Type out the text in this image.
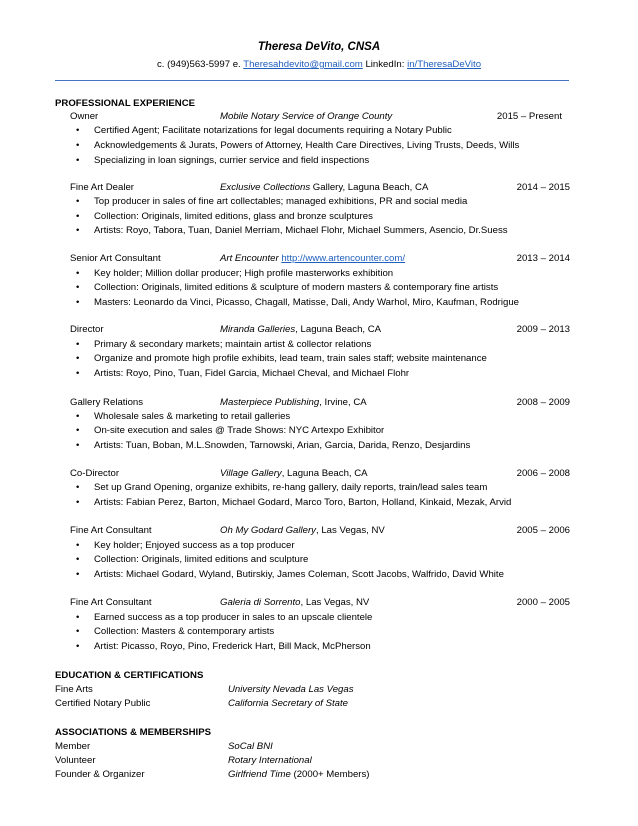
Theresa DeVito, CNSA
c. (949)563-5997 e. Theresahdevito@gmail.com LinkedIn: in/TheresaDeVito
PROFESSIONAL EXPERIENCE
Owner	Mobile Notary Service of Orange County	2015 – Present
• Certified Agent; Facilitate notarizations for legal documents requiring a Notary Public
• Acknowledgements & Jurats, Powers of Attorney, Health Care Directives, Living Trusts, Deeds, Wills
• Specializing in loan signings, currier service and field inspections
Fine Art Dealer	Exclusive Collections Gallery, Laguna Beach, CA	2014 – 2015
• Top producer in sales of fine art collectables; managed exhibitions, PR and social media
• Collection: Originals, limited editions, glass and bronze sculptures
• Artists: Royo, Tabora, Tuan, Daniel Merriam, Michael Flohr, Michael Summers, Asencio, Dr.Suess
Senior Art Consultant	Art Encounter http://www.artencounter.com/	2013 – 2014
• Key holder; Million dollar producer; High profile masterworks exhibition
• Collection: Originals, limited editions & sculpture of modern masters & contemporary fine artists
• Masters: Leonardo da Vinci, Picasso, Chagall, Matisse, Dali, Andy Warhol, Miro, Kaufman, Rodrigue
Director	Miranda Galleries, Laguna Beach, CA	2009 – 2013
• Primary & secondary markets; maintain artist & collector relations
• Organize and promote high profile exhibits, lead team, train sales staff; website maintenance
• Artists: Royo, Pino, Tuan, Fidel Garcia, Michael Cheval, and Michael Flohr
Gallery Relations	Masterpiece Publishing, Irvine, CA	2008 – 2009
• Wholesale sales & marketing to retail galleries
• On-site execution and sales @ Trade Shows: NYC Artexpo Exhibitor
• Artists: Tuan, Boban, M.L.Snowden, Tarnowski, Arian, Garcia, Darida, Renzo, Desjardins
Co-Director	Village Gallery, Laguna Beach, CA	2006 – 2008
• Set up Grand Opening, organize exhibits, re-hang gallery, daily reports, train/lead sales team
• Artists: Fabian Perez, Barton, Michael Godard, Marco Toro, Barton, Holland, Kinkaid, Mezak, Arvid
Fine Art Consultant	Oh My Godard Gallery, Las Vegas, NV	2005 – 2006
• Key holder; Enjoyed success as a top producer
• Collection: Originals, limited editions and sculpture
• Artists: Michael Godard, Wyland, Butirskiy, James Coleman, Scott Jacobs, Walfrido, David White
Fine Art Consultant	Galeria di Sorrento, Las Vegas, NV	2000 – 2005
• Earned success as a top producer in sales to an upscale clientele
• Collection: Masters & contemporary artists
• Artist: Picasso, Royo, Pino, Frederick Hart, Bill Mack, McPherson
EDUCATION & CERTIFICATIONS
Fine Arts	University Nevada Las Vegas
Certified Notary Public	California Secretary of State
ASSOCIATIONS & MEMBERSHIPS
Member	SoCal BNI
Volunteer	Rotary International
Founder & Organizer	Girlfriend Time (2000+ Members)
